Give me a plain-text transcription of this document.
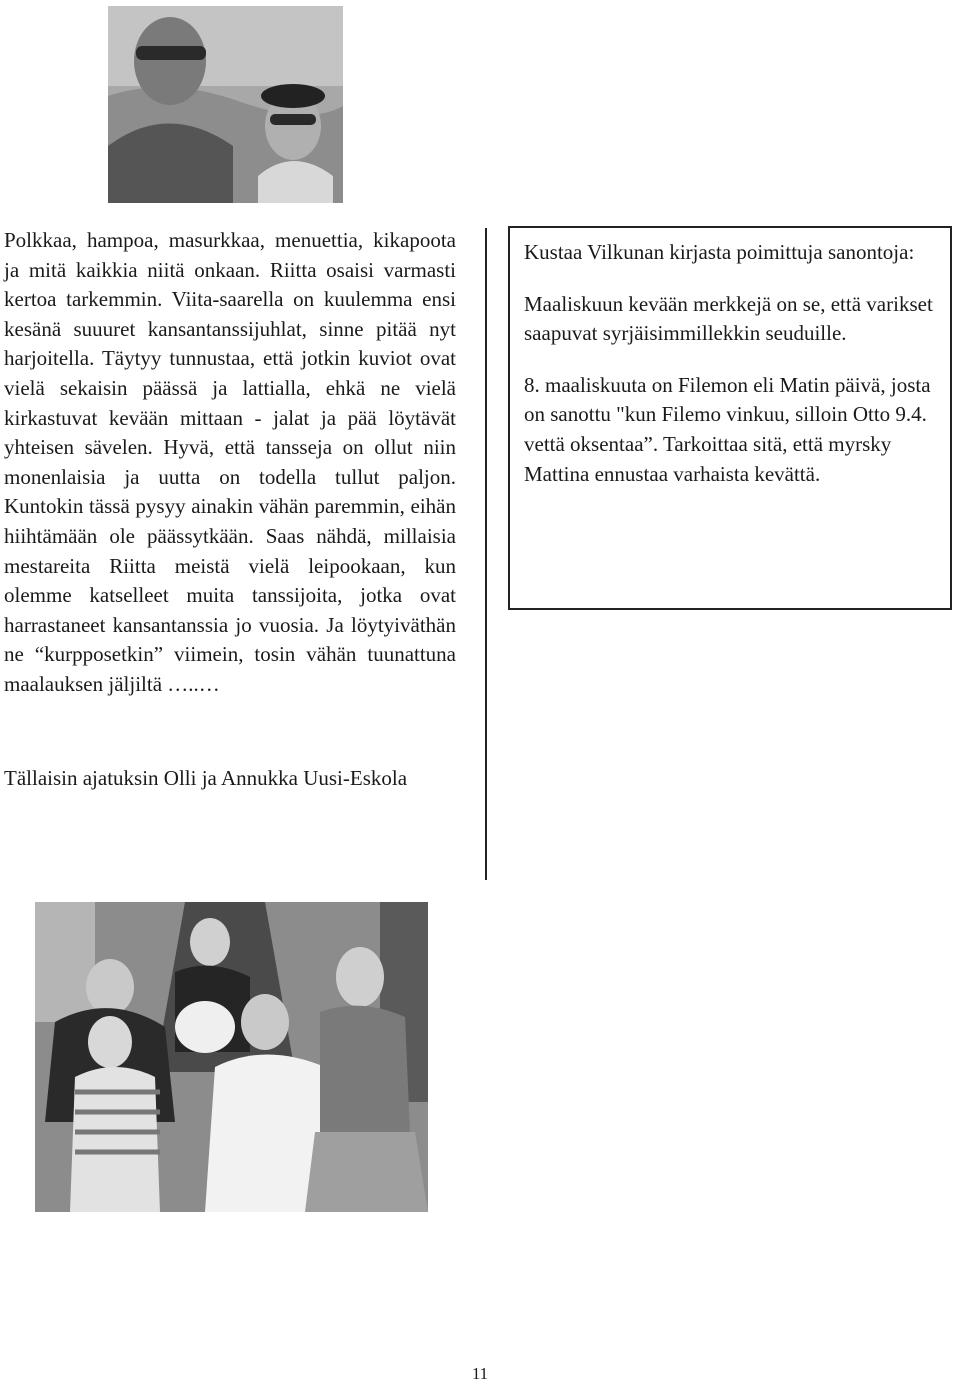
Polkkaa, hampoa, masurkkaa, menuettia, kikapoota ja mitä kaikkia niitä onkaan. Riitta osaisi varmasti kertoa tarkemmin. Viita-saarella on kuulemma ensi kesänä suuuret kansantanssijuhlat, sinne pitää nyt harjoitella. Täytyy tunnustaa, että jotkin kuviot ovat vielä sekaisin päässä ja lattialla, ehkä ne vielä kirkastuvat kevään mittaan - jalat ja pää löytävät yhteisen sävelen. Hyvä, että tansseja on ollut niin monenlaisia ja uutta on todella tullut paljon. Kuntokin tässä pysyy ainakin vähän paremmin, eihän hiihtämään ole päässytkään. Saas nähdä, millaisia mestareita Riitta meistä vielä leipookaan, kun olemme katselleet muita tanssijoita, jotka ovat harrastaneet kansantanssia jo vuosia. Ja löytyiväthän ne “kurpposetkin” viimein, tosin vähän tuunattuna maalauksen jäljiltä …..…

Tällaisin ajatuksin Olli ja Annukka Uusi-Eskola

Kustaa Vilkunan kirjasta poimittuja sanontoja:

Maaliskuun kevään merkkejä on se, että varikset saapuvat syrjäisimmillekkin seuduille.

8. maaliskuuta on Filemon eli Matin päivä, josta on sanottu "kun Filemo vinkuu, silloin Otto 9.4. vettä oksentaa”. Tarkoittaa sitä, että myrsky Mattina ennustaa varhaista kevättä.

11
